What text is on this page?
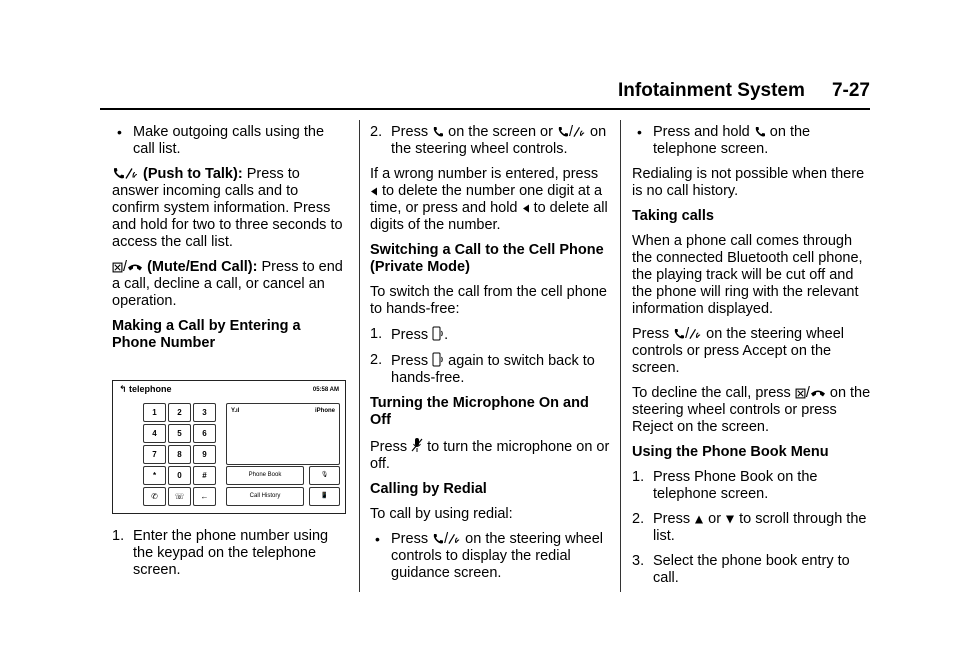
Infotainment System 7-27
• Make outgoing calls using the call list.

(Push to Talk): Press to answer incoming calls and to confirm system information. Press and hold for two to three seconds to access the call list.

/ (Mute/End Call): Press to end a call, decline a call, or cancel an operation.

Making a Call by Entering a Phone Number

↰ telephone	05:58 AM
1	2	3
4	5	6
7	8	9
*	0	#
✆	☏	←
Y.ıl	iPhone
Phone Book	🎙
Call History	📱
1. Enter the phone number using the keypad on the telephone screen.
2. Press on the screen or / on the steering wheel controls.

If a wrong number is entered, press
to delete the number one digit at a time, or press and hold to delete all digits of the number.

Switching a Call to the Cell Phone (Private Mode)

To switch the call from the cell phone to hands-free:

1. Press .
2. Press again to switch back to hands-free.

Turning the Microphone On and Off

Press to turn the microphone on or off.

Calling by Redial

To call by using redial:

• Press / on the steering wheel controls to display the redial guidance screen.
• Press and hold on the telephone screen.

Redialing is not possible when there is no call history.

Taking calls

When a phone call comes through the connected Bluetooth cell phone, the playing track will be cut off and the phone will ring with the relevant information displayed.

Press / on the steering wheel controls or press Accept on the screen.

To decline the call, press / on the steering wheel controls or press Reject on the screen.

Using the Phone Book Menu

1. Press Phone Book on the telephone screen.
2. Press or to scroll through the list.
3. Select the phone book entry to call.
